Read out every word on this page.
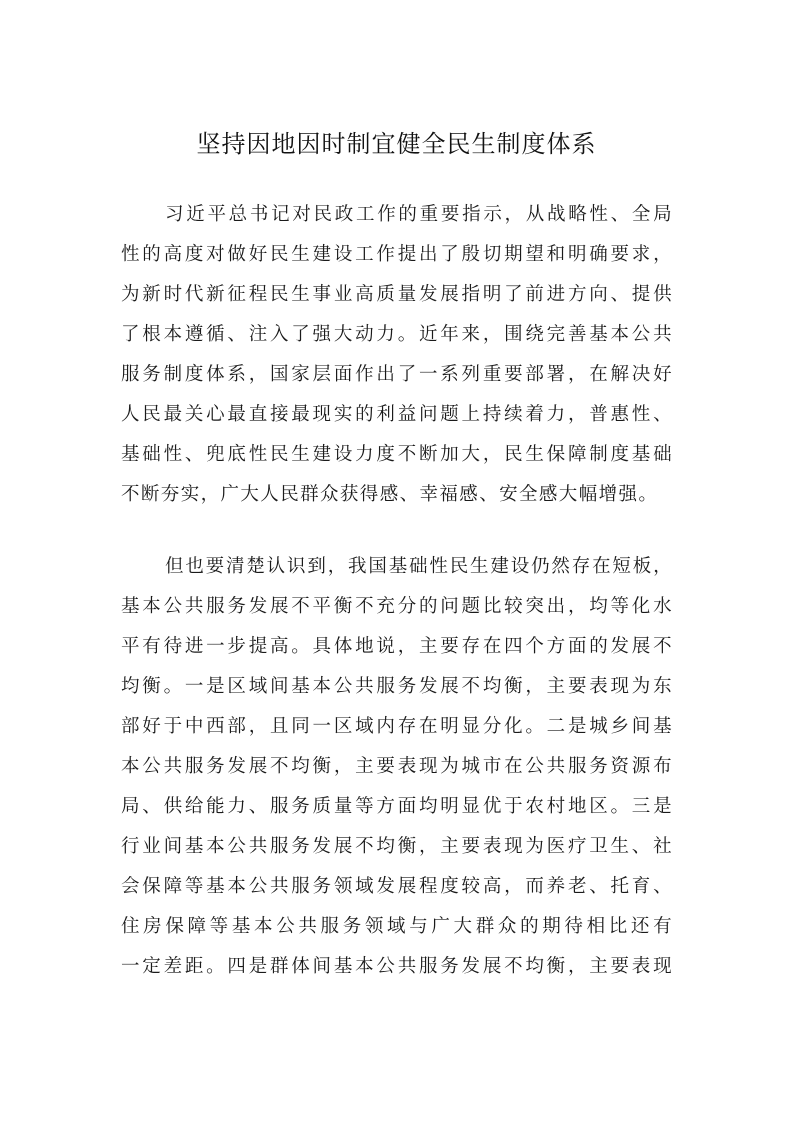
坚持因地因时制宜健全民生制度体系
习近平总书记对民政工作的重要指示，从战略性、全局
性的高度对做好民生建设工作提出了殷切期望和明确要求，
为新时代新征程民生事业高质量发展指明了前进方向、提供
了根本遵循、注入了强大动力。近年来，围绕完善基本公共
服务制度体系，国家层面作出了一系列重要部署，在解决好
人民最关心最直接最现实的利益问题上持续着力，普惠性、
基础性、兜底性民生建设力度不断加大，民生保障制度基础
不断夯实，广大人民群众获得感、幸福感、安全感大幅增强。
但也要清楚认识到，我国基础性民生建设仍然存在短板，
基本公共服务发展不平衡不充分的问题比较突出，均等化水
平有待进一步提高。具体地说，主要存在四个方面的发展不
均衡。一是区域间基本公共服务发展不均衡，主要表现为东
部好于中西部，且同一区域内存在明显分化。二是城乡间基
本公共服务发展不均衡，主要表现为城市在公共服务资源布
局、供给能力、服务质量等方面均明显优于农村地区。三是
行业间基本公共服务发展不均衡，主要表现为医疗卫生、社
会保障等基本公共服务领域发展程度较高，而养老、托育、
住房保障等基本公共服务领域与广大群众的期待相比还有
一定差距。四是群体间基本公共服务发展不均衡，主要表现
